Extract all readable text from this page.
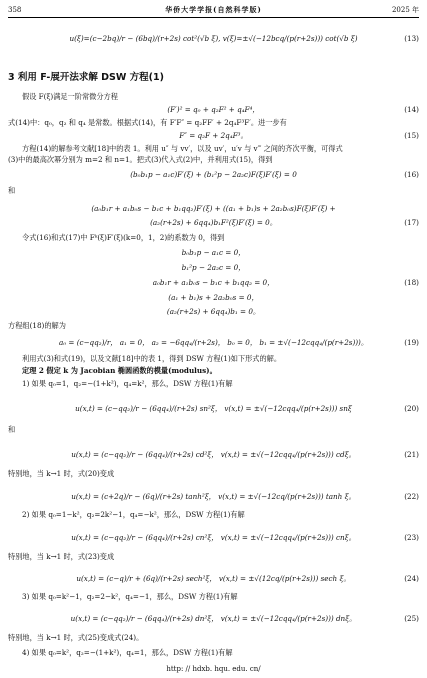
358	华侨大学学报(自然科学版)	2025 年
u(ξ)=(c−2bq)/r − (6bq)/(r+2s) cot²(√b ξ), v(ξ)=±√(−12bcq/(p(r+2s))) cot(√b ξ)	(13)
3 利用 F-展开法求解 DSW 方程(1)
假设 F(ξ)满足一阶常微分方程
(F′)² = q₀ + q₂F² + q₄F⁴，	(14)
式(14)中：q₀，q₂ 和 q₄ 是常数。根据式(14)，有 F′F″ = q₂FF′ + 2q₄F³F′。进一步有
F″ = q₂F + 2q₄F³。	(15)
方程(14)的解参考文献[18]中的表 1。利用 u″ 与 vv′，以及 uv′，u′v 与 v‴ 之间的齐次平衡，可得式
(3)中的最高次幂分别为 m=2 和 n=1。把式(3)代入式(2)中，并利用式(15)，得到
(b₀b₁p − a₁c)F′(ξ) + (b₁²p − 2a₂c)F(ξ)F′(ξ) = 0	(16)
和
(a₀b₁r + a₁b₀s − b₁c + b₁qq₂)F′(ξ) + ((a₁ + b₁)s + 2a₂b₀s)F(ξ)F′(ξ) +
(a₂(r+2s) + 6qq₄)b₁F²(ξ)F′(ξ) = 0。	(17)
令式(16)和式(17)中 Fᵏ(ξ)F′(ξ)(k=0，1，2)的系数为 0，得到
b₀b₁p − a₁c = 0，
b₁²p − 2a₂c = 0，
a₀b₁r + a₁b₀s − b₁c + b₁qq₂ = 0，	(18)
(a₁ + b₁)s + 2a₂b₀s = 0，
(a₂(r+2s) + 6qq₄)b₁ = 0。
方程组(18)的解为
a₀ = (c−qq₂)/r， a₁ = 0， a₂ = −6qq₄/(r+2s)， b₀ = 0， b₁ = ±√(−12cqq₄/(p(r+2s)))。	(19)
利用式(3)和式(19)，以及文献[18]中的表 1，得到 DSW 方程(1)如下形式的解。
定理 2 假定 k 为 Jacobian 椭圆函数的模量(modulus)。
1) 如果 q₀=1，q₂=−(1+k²)，q₄=k²，那么，DSW 方程(1)有解
u(x,t) = (c−qq₂)/r − (6qq₄)/(r+2s) sn²ξ， v(x,t) = ±√(−12cqq₄/(p(r+2s))) snξ	(20)
和
u(x,t) = (c−qq₂)/r − (6qq₄)/(r+2s) cd²ξ， v(x,t) = ±√(−12cqq₄/(p(r+2s))) cdξ。	(21)
特别地，当 k→1 时，式(20)变成
u(x,t) = (c+2q)/r − (6q)/(r+2s) tanh²ξ， v(x,t) = ±√(−12cq/(p(r+2s))) tanh ξ。	(22)
2) 如果 q₀=1−k²，q₂=2k²−1，q₄=−k²，那么，DSW 方程(1)有解
u(x,t) = (c−qq₂)/r − (6qq₄)/(r+2s) cn²ξ， v(x,t) = ±√(−12cqq₄/(p(r+2s))) cnξ。	(23)
特别地，当 k→1 时，式(23)变成
u(x,t) = (c−q)/r + (6q)/(r+2s) sech²ξ， v(x,t) = ±√(12cq/(p(r+2s))) sech ξ。	(24)
3) 如果 q₀=k²−1，q₂=2−k²，q₄=−1，那么，DSW 方程(1)有解
u(x,t) = (c−qq₂)/r − (6qq₄)/(r+2s) dn²ξ， v(x,t) = ±√(−12cqq₄/(p(r+2s))) dnξ。	(25)
特别地，当 k→1 时，式(25)变成式(24)。
4) 如果 q₀=k²，q₂=−(1+k²)，q₄=1，那么，DSW 方程(1)有解
http: // hdxb. hqu. edu. cn/
